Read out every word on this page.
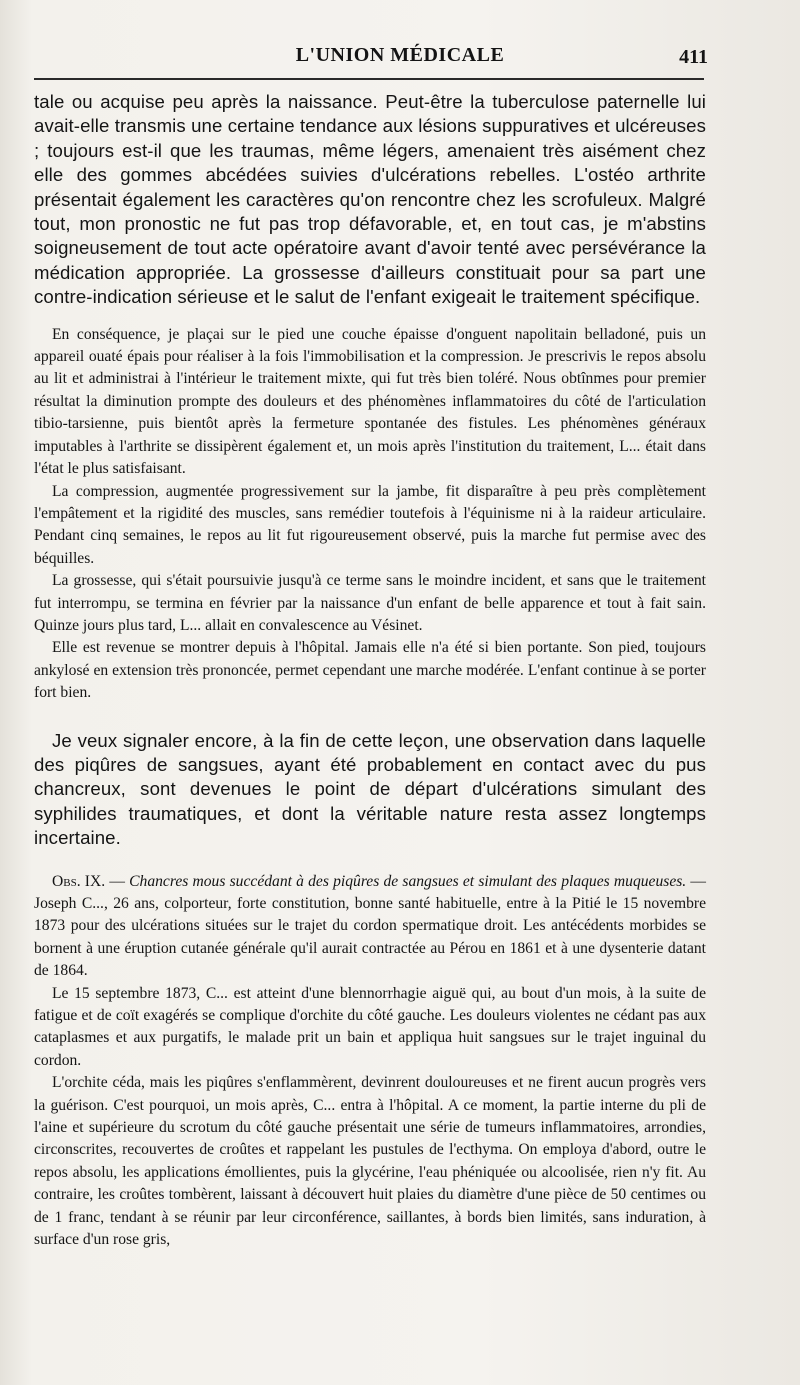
L'UNION MÉDICALE	411

tale ou acquise peu après la naissance. Peut-être la tuberculose paternelle lui avait-elle transmis une certaine tendance aux lésions suppuratives et ulcéreuses ; toujours est-il que les traumas, même légers, amenaient très aisément chez elle des gommes abcédées suivies d'ulcérations rebelles. L'ostéo arthrite présentait également les caractères qu'on rencontre chez les scrofuleux. Malgré tout, mon pronostic ne fut pas trop défavorable, et, en tout cas, je m'abstins soigneusement de tout acte opératoire avant d'avoir tenté avec persévérance la médication appropriée. La grossesse d'ailleurs constituait pour sa part une contre-indication sérieuse et le salut de l'enfant exigeait le traitement spécifique.

En conséquence, je plaçai sur le pied une couche épaisse d'onguent napolitain belladoné, puis un appareil ouaté épais pour réaliser à la fois l'immobilisation et la compression. Je prescrivis le repos absolu au lit et administrai à l'intérieur le traitement mixte, qui fut très bien toléré. Nous obtînmes pour premier résultat la diminution prompte des douleurs et des phénomènes inflammatoires du côté de l'articulation tibio-tarsienne, puis bientôt après la fermeture spontanée des fistules. Les phénomènes généraux imputables à l'arthrite se dissipèrent également et, un mois après l'institution du traitement, L... était dans l'état le plus satisfaisant.

La compression, augmentée progressivement sur la jambe, fit disparaître à peu près complètement l'empâtement et la rigidité des muscles, sans remédier toutefois à l'équinisme ni à la raideur articulaire. Pendant cinq semaines, le repos au lit fut rigoureusement observé, puis la marche fut permise avec des béquilles.

La grossesse, qui s'était poursuivie jusqu'à ce terme sans le moindre incident, et sans que le traitement fut interrompu, se termina en février par la naissance d'un enfant de belle apparence et tout à fait sain. Quinze jours plus tard, L... allait en convalescence au Vésinet.

Elle est revenue se montrer depuis à l'hôpital. Jamais elle n'a été si bien portante. Son pied, toujours ankylosé en extension très prononcée, permet cependant une marche modérée. L'enfant continue à se porter fort bien.

Je veux signaler encore, à la fin de cette leçon, une observation dans laquelle des piqûres de sangsues, ayant été probablement en contact avec du pus chancreux, sont devenues le point de départ d'ulcérations simulant des syphilides traumatiques, et dont la véritable nature resta assez longtemps incertaine.

Obs. IX. — Chancres mous succédant à des piqûres de sangsues et simulant des plaques muqueuses. — Joseph C..., 26 ans, colporteur, forte constitution, bonne santé habituelle, entre à la Pitié le 15 novembre 1873 pour des ulcérations situées sur le trajet du cordon spermatique droit. Les antécédents morbides se bornent à une éruption cutanée générale qu'il aurait contractée au Pérou en 1861 et à une dysenterie datant de 1864.

Le 15 septembre 1873, C... est atteint d'une blennorrhagie aiguë qui, au bout d'un mois, à la suite de fatigue et de coït exagérés se complique d'orchite du côté gauche. Les douleurs violentes ne cédant pas aux cataplasmes et aux purgatifs, le malade prit un bain et appliqua huit sangsues sur le trajet inguinal du cordon.

L'orchite céda, mais les piqûres s'enflammèrent, devinrent douloureuses et ne firent aucun progrès vers la guérison. C'est pourquoi, un mois après, C... entra à l'hôpital. A ce moment, la partie interne du pli de l'aine et supérieure du scrotum du côté gauche présentait une série de tumeurs inflammatoires, arrondies, circonscrites, recouvertes de croûtes et rappelant les pustules de l'ecthyma. On employa d'abord, outre le repos absolu, les applications émollientes, puis la glycérine, l'eau phéniquée ou alcoolisée, rien n'y fit. Au contraire, les croûtes tombèrent, laissant à découvert huit plaies du diamètre d'une pièce de 50 centimes ou de 1 franc, tendant à se réunir par leur circonférence, saillantes, à bords bien limités, sans induration, à surface d'un rose gris,
